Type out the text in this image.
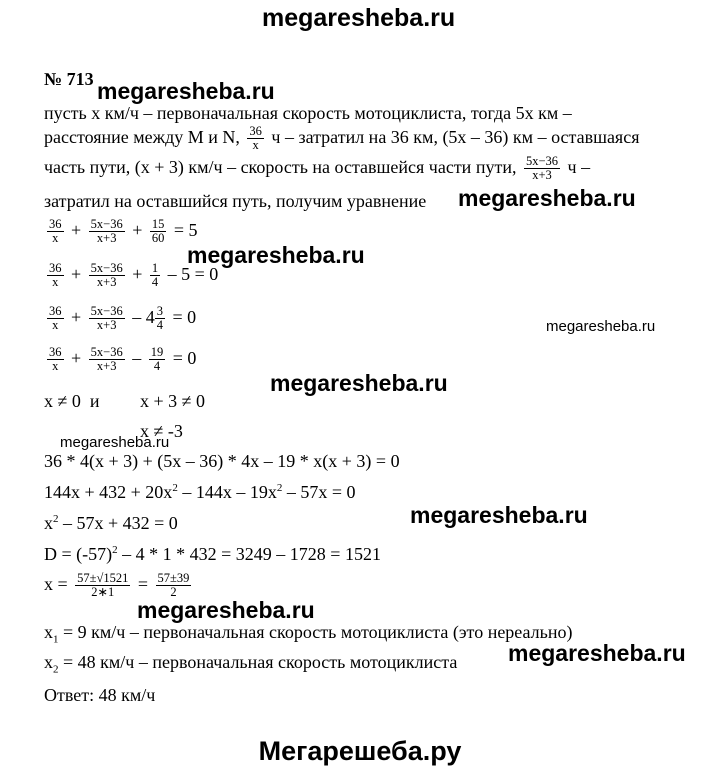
megaresheba.ru
№ 713 megaresheba.ru
пусть x км/ч – первоначальная скорость мотоциклиста, тогда 5x км –
расстояние между M и N, $\frac{36}{x}$ ч – затратил на 36 км, (5x – 36) км – оставшаяся
часть пути, (x + 3) км/ч – скорость на оставшейся части пути, $\frac{5x-36}{x+3}$ ч –
затратил на оставшийся путь, получим уравнение megaresheba.ru
$\frac{36}{x} + \frac{5x-36}{x+3} + \frac{15}{60} = 5$
megaresheba.ru
$\frac{36}{x} + \frac{5x-36}{x+3} + \frac{1}{4} - 5 = 0$
$\frac{36}{x} + \frac{5x-36}{x+3} - 4 \frac{3}{4} = 0$	megaresheba.ru
$\frac{36}{x} + \frac{5x-36}{x+3} - \frac{19}{4} = 0$
megaresheba.ru
x ≠ 0  и x + 3 ≠ 0
x ≠ -3
megaresheba.ru
36 * 4(x + 3) + (5x – 36) * 4x – 19 * x(x + 3) = 0
$144x + 432 + 20x^2 - 144x - 19x^2 - 57x = 0$
$x^2 - 57x + 432 = 0$	megaresheba.ru
$D = (-57)^2 - 4 * 1 * 432 = 3249 - 1728 = 1521$
$x = \frac{57\pm√1521}{2∗1} = \frac{57\pm 39}{2}$
megaresheba.ru
$x_1 = 9$ км/ч – первоначальная скорость мотоциклиста (это нереально)
$x_2 = 48$ км/ч – первоначальная скорость мотоциклиста megaresheba.ru
Ответ: 48 км/ч
Мегарешеба.ру
